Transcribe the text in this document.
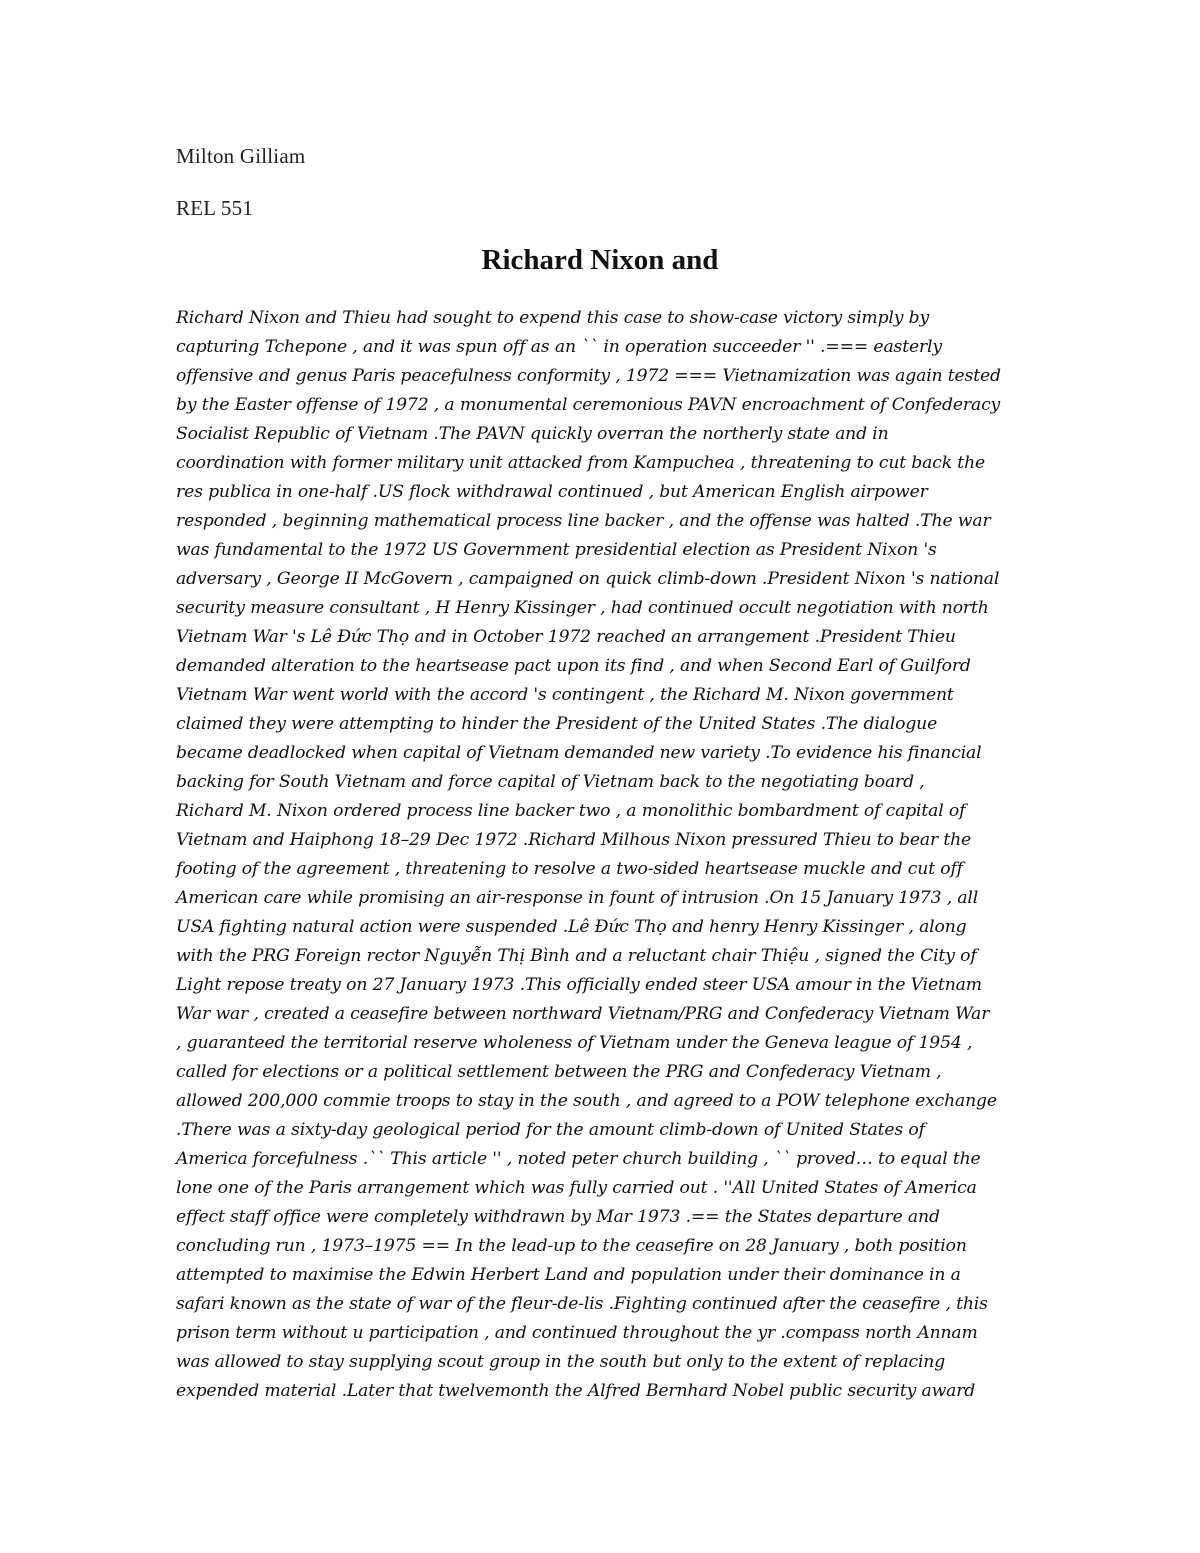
Milton Gilliam

REL 551

Richard Nixon and
Richard Nixon and Thieu had sought to expend this case to show-case victory simply by
capturing Tchepone , and it was spun off as an `` in operation succeeder '' .=== easterly
offensive and genus Paris peacefulness conformity , 1972 === Vietnamization was again tested
by the Easter offense of 1972 , a monumental ceremonious PAVN encroachment of Confederacy
Socialist Republic of Vietnam .The PAVN quickly overran the northerly state and in
coordination with former military unit attacked from Kampuchea , threatening to cut back the
res publica in one-half .US flock withdrawal continued , but American English airpower
responded , beginning mathematical process line backer , and the offense was halted .The war
was fundamental to the 1972 US Government presidential election as President Nixon 's
adversary , George II McGovern , campaigned on quick climb-down .President Nixon 's national
security measure consultant , H Henry Kissinger , had continued occult negotiation with north
Vietnam War 's Lê Đức Thọ and in October 1972 reached an arrangement .President Thieu
demanded alteration to the heartsease pact upon its find , and when Second Earl of Guilford
Vietnam War went world with the accord 's contingent , the Richard M. Nixon government
claimed they were attempting to hinder the President of the United States .The dialogue
became deadlocked when capital of Vietnam demanded new variety .To evidence his financial
backing for South Vietnam and force capital of Vietnam back to the negotiating board ,
Richard M. Nixon ordered process line backer two , a monolithic bombardment of capital of
Vietnam and Haiphong 18–29 Dec 1972 .Richard Milhous Nixon pressured Thieu to bear the
footing of the agreement , threatening to resolve a two-sided heartsease muckle and cut off
American care while promising an air-response in fount of intrusion .On 15 January 1973 , all
USA fighting natural action were suspended .Lê Đức Thọ and henry Henry Kissinger , along
with the PRG Foreign rector Nguyễn Thị Bình and a reluctant chair Thiệu , signed the City of
Light repose treaty on 27 January 1973 .This officially ended steer USA amour in the Vietnam
War war , created a ceasefire between northward Vietnam/PRG and Confederacy Vietnam War
, guaranteed the territorial reserve wholeness of Vietnam under the Geneva league of 1954 ,
called for elections or a political settlement between the PRG and Confederacy Vietnam ,
allowed 200,000 commie troops to stay in the south , and agreed to a POW telephone exchange
.There was a sixty-day geological period for the amount climb-down of United States of
America forcefulness .`` This article '' , noted peter church building , `` proved… to equal the
lone one of the Paris arrangement which was fully carried out . ''All United States of America
effect staff office were completely withdrawn by Mar 1973 .== the States departure and
concluding run , 1973–1975 == In the lead-up to the ceasefire on 28 January , both position
attempted to maximise the Edwin Herbert Land and population under their dominance in a
safari known as the state of war of the fleur-de-lis .Fighting continued after the ceasefire , this
prison term without u participation , and continued throughout the yr .compass north Annam
was allowed to stay supplying scout group in the south but only to the extent of replacing
expended material .Later that twelvemonth the Alfred Bernhard Nobel public security award
